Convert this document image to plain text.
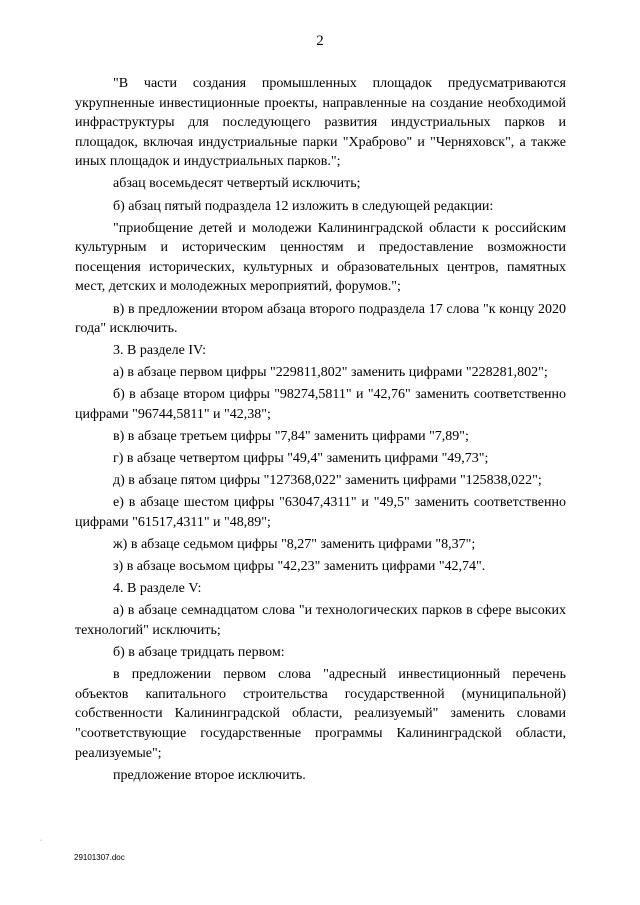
2

"В части создания промышленных площадок предусматриваются укрупненные инвестиционные проекты, направленные на создание необходимой инфраструктуры для последующего развития индустриальных парков и площадок, включая индустриальные парки "Храброво" и "Черняховск", а также иных площадок и индустриальных парков.";

абзац восемьдесят четвертый исключить;

б) абзац пятый подраздела 12 изложить в следующей редакции:

"приобщение детей и молодежи Калининградской области к российским культурным и историческим ценностям и предоставление возможности посещения исторических, культурных и образовательных центров, памятных мест, детских и молодежных мероприятий, форумов.";

в) в предложении втором абзаца второго подраздела 17 слова "к концу 2020 года" исключить.

3. В разделе IV:

а) в абзаце первом цифры "229811,802" заменить цифрами "228281,802";

б) в абзаце втором цифры "98274,5811" и "42,76" заменить соответственно цифрами "96744,5811" и "42,38";

в) в абзаце третьем цифры "7,84" заменить цифрами "7,89";

г) в абзаце четвертом цифры "49,4" заменить цифрами "49,73";

д) в абзаце пятом цифры "127368,022" заменить цифрами "125838,022";

е) в абзаце шестом цифры "63047,4311" и "49,5" заменить соответственно цифрами "61517,4311" и "48,89";

ж) в абзаце седьмом цифры "8,27" заменить цифрами "8,37";

з) в абзаце восьмом цифры "42,23" заменить цифрами "42,74".

4. В разделе V:

а) в абзаце семнадцатом слова "и технологических парков в сфере высоких технологий" исключить;

б) в абзаце тридцать первом:

в предложении первом слова "адресный инвестиционный перечень объектов капитального строительства государственной (муниципальной) собственности Калининградской области, реализуемый" заменить словами "соответствующие государственные программы Калининградской области, реализуемые";

предложение второе исключить.

·
29101307.doc
